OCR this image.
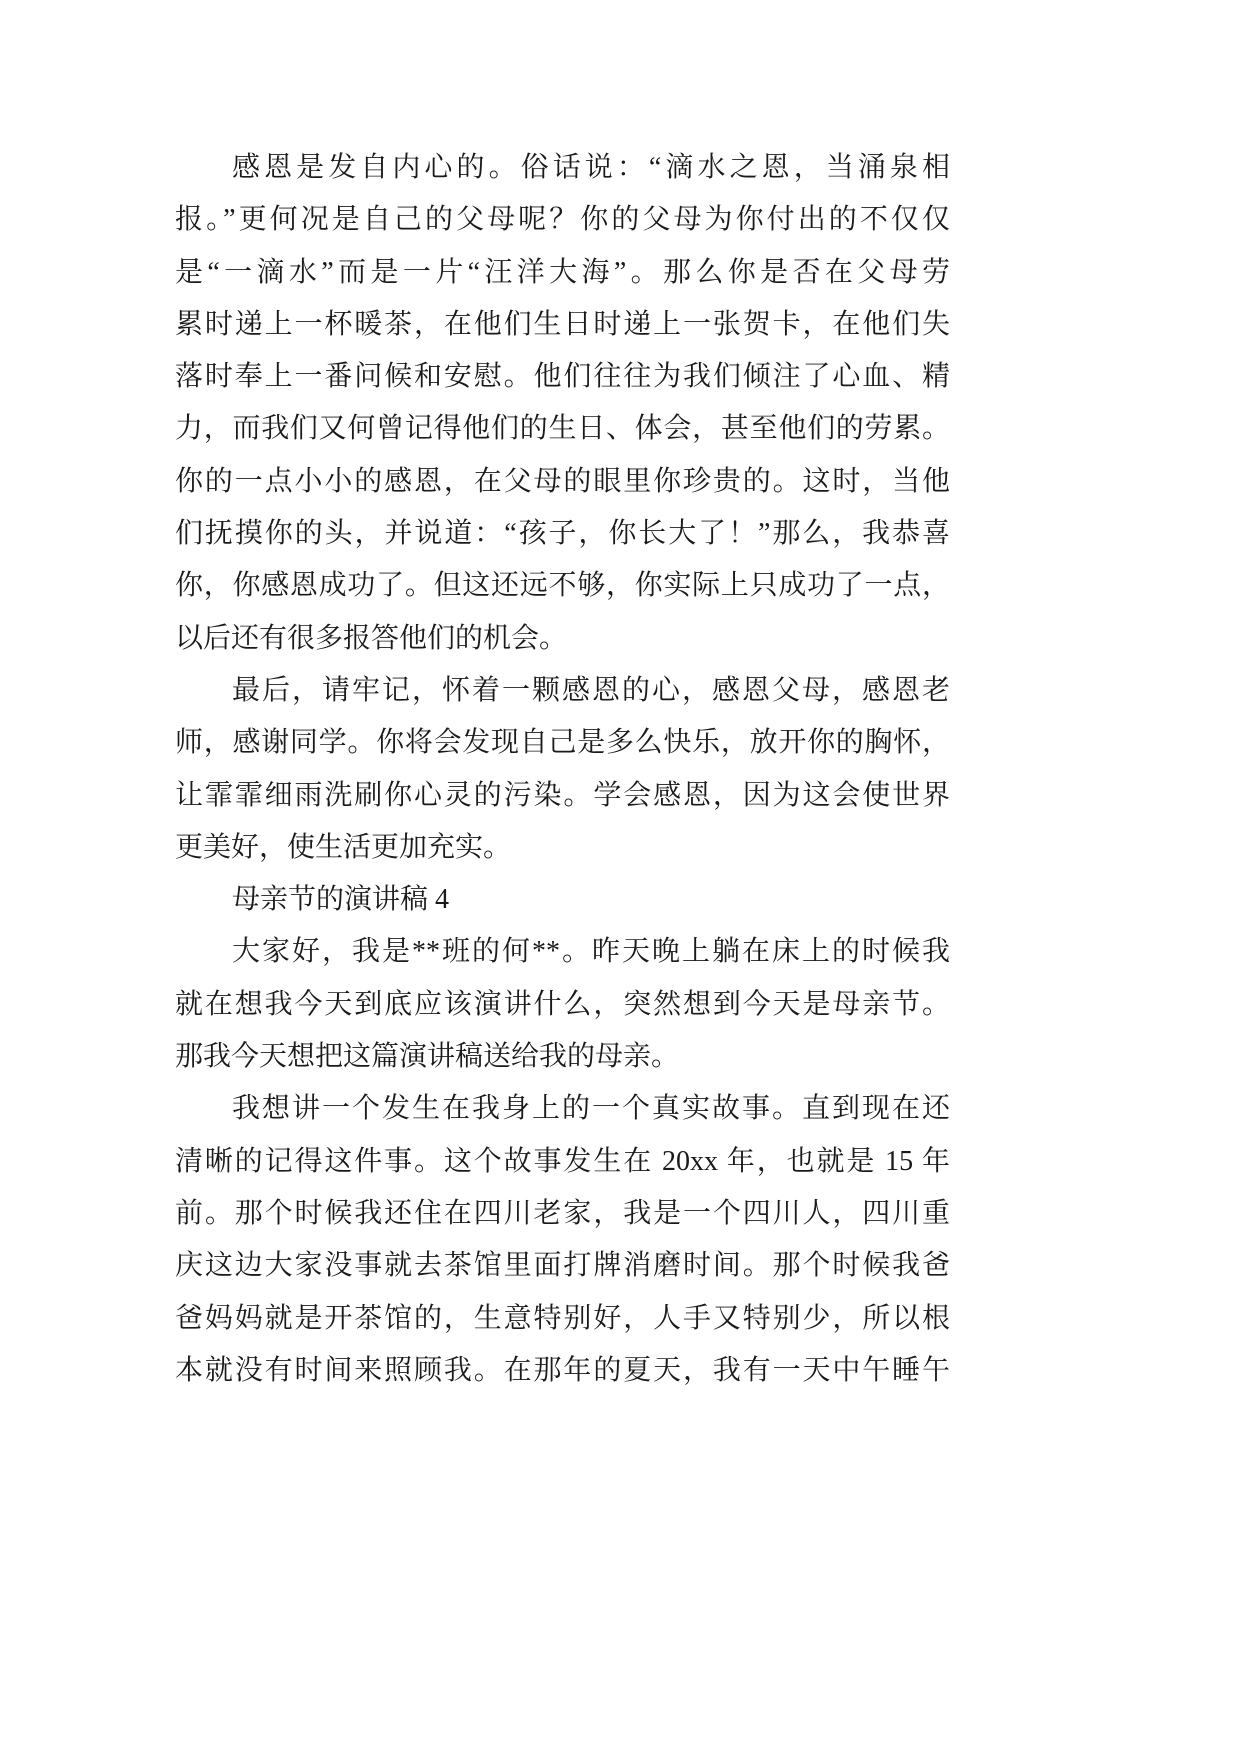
感恩是发自内心的。俗话说：“滴水之恩，当涌泉相
报。”更何况是自己的父母呢？你的父母为你付出的不仅仅
是“一滴水”而是一片“汪洋大海”。那么你是否在父母劳
累时递上一杯暖茶，在他们生日时递上一张贺卡，在他们失
落时奉上一番问候和安慰。他们往往为我们倾注了心血、精
力，而我们又何曾记得他们的生日、体会，甚至他们的劳累。
你的一点小小的感恩，在父母的眼里你珍贵的。这时，当他
们抚摸你的头，并说道：“孩子，你长大了！”那么，我恭喜
你，你感恩成功了。但这还远不够，你实际上只成功了一点，
以后还有很多报答他们的机会。
最后，请牢记，怀着一颗感恩的心，感恩父母，感恩老
师，感谢同学。你将会发现自己是多么快乐，放开你的胸怀，
让霏霏细雨洗刷你心灵的污染。学会感恩，因为这会使世界
更美好，使生活更加充实。
母亲节的演讲稿 4
大家好，我是**班的何**。昨天晚上躺在床上的时候我
就在想我今天到底应该演讲什么，突然想到今天是母亲节。
那我今天想把这篇演讲稿送给我的母亲。
我想讲一个发生在我身上的一个真实故事。直到现在还
清晰的记得这件事。这个故事发生在 20xx 年，也就是 15 年
前。那个时候我还住在四川老家，我是一个四川人，四川重
庆这边大家没事就去茶馆里面打牌消磨时间。那个时候我爸
爸妈妈就是开茶馆的，生意特别好，人手又特别少，所以根
本就没有时间来照顾我。在那年的夏天，我有一天中午睡午
